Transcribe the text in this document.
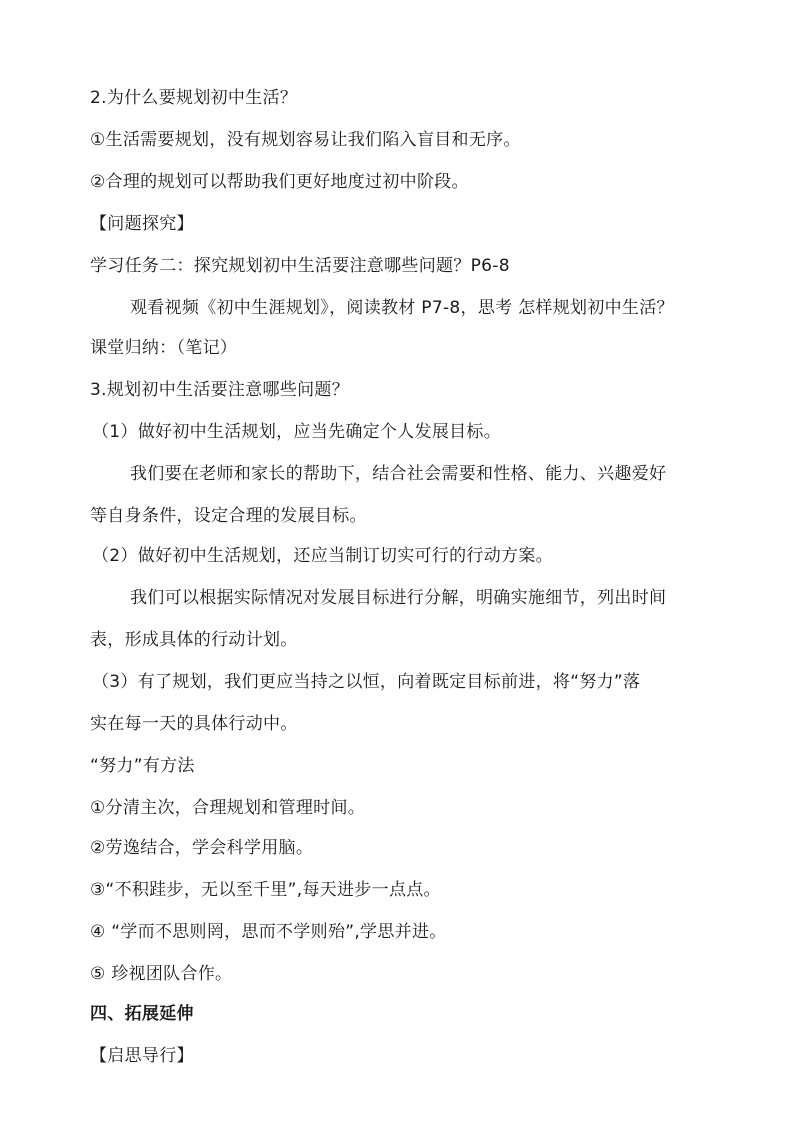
2.为什么要规划初中生活？
①生活需要规划，没有规划容易让我们陷入盲目和无序。
②合理的规划可以帮助我们更好地度过初中阶段。
【问题探究】
学习任务二：探究规划初中生活要注意哪些问题？P6-8
观看视频《初中生涯规划》，阅读教材 P7-8，思考 怎样规划初中生活？
课堂归纳：（笔记）
3.规划初中生活要注意哪些问题？
（1）做好初中生活规划，应当先确定个人发展目标。
我们要在老师和家长的帮助下，结合社会需要和性格、能力、兴趣爱好
等自身条件，设定合理的发展目标。
（2）做好初中生活规划，还应当制订切实可行的行动方案。
我们可以根据实际情况对发展目标进行分解，明确实施细节，列出时间
表，形成具体的行动计划。
（3）有了规划，我们更应当持之以恒，向着既定目标前进，将“努力”落
实在每一天的具体行动中。
“努力”有方法
①分清主次，合理规划和管理时间。
②劳逸结合，学会科学用脑。
③“不积跬步，无以至千里”,每天进步一点点。
④ “学而不思则罔，思而不学则殆”,学思并进。
⑤ 珍视团队合作。
四、拓展延伸
【启思导行】
